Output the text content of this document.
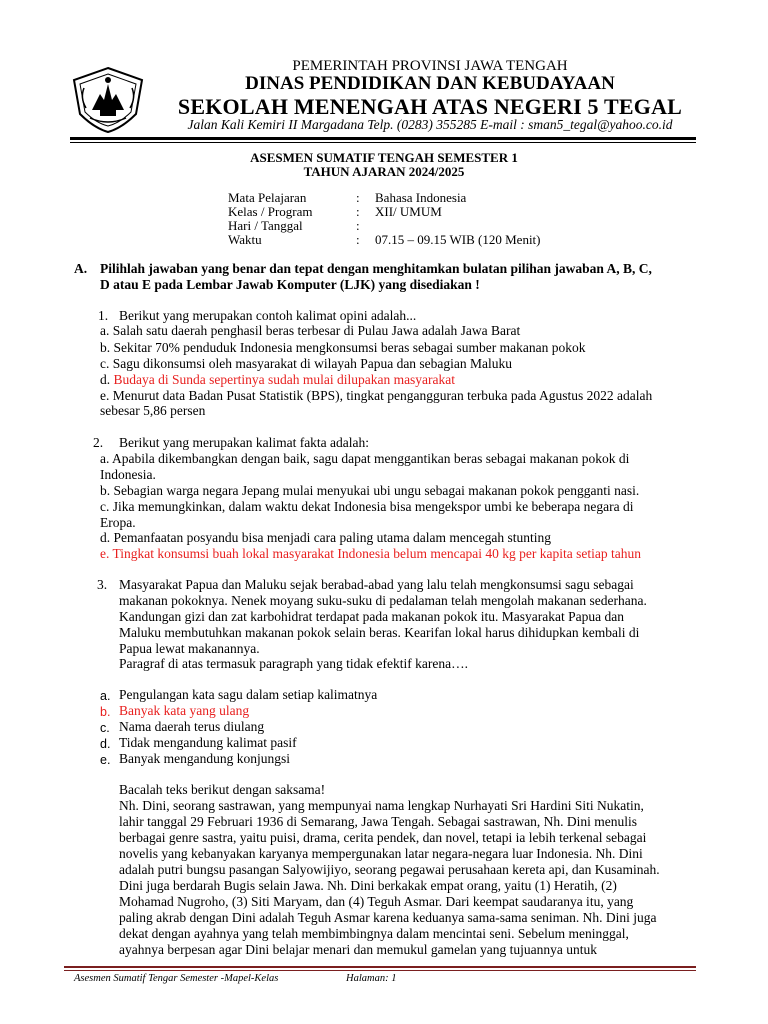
PEMERINTAH PROVINSI JAWA TENGAH
DINAS PENDIDIKAN DAN KEBUDAYAAN
SEKOLAH MENENGAH ATAS NEGERI 5 TEGAL
Jalan Kali Kemiri II Margadana Telp. (0283) 355285 E-mail : sman5_tegal@yahoo.co.id
ASESMEN SUMATIF TENGAH SEMESTER 1
TAHUN AJARAN 2024/2025
Mata Pelajaran	: Bahasa Indonesia
Kelas / Program	: XII/ UMUM
Hari / Tanggal	:
Waktu	: 07.15 – 09.15 WIB (120 Menit)
A. Pilihlah jawaban yang benar dan tepat dengan menghitamkan bulatan pilihan jawaban A, B, C,
D atau E pada Lembar Jawab Komputer (LJK) yang disediakan !
1. Berikut yang merupakan contoh kalimat opini adalah...
a. Salah satu daerah penghasil beras terbesar di Pulau Jawa adalah Jawa Barat
b. Sekitar 70% penduduk Indonesia mengkonsumsi beras sebagai sumber makanan pokok
c. Sagu dikonsumsi oleh masyarakat di wilayah Papua dan sebagian Maluku
d. Budaya di Sunda sepertinya sudah mulai dilupakan masyarakat
e. Menurut data Badan Pusat Statistik (BPS), tingkat pengangguran terbuka pada Agustus 2022 adalah
sebesar 5,86 persen
2. Berikut yang merupakan kalimat fakta adalah:
a. Apabila dikembangkan dengan baik, sagu dapat menggantikan beras sebagai makanan pokok di
Indonesia.
b. Sebagian warga negara Jepang mulai menyukai ubi ungu sebagai makanan pokok pengganti nasi.
c. Jika memungkinkan, dalam waktu dekat Indonesia bisa mengekspor umbi ke beberapa negara di
Eropa.
d. Pemanfaatan posyandu bisa menjadi cara paling utama dalam mencegah stunting
e. Tingkat konsumsi buah lokal masyarakat Indonesia belum mencapai 40 kg per kapita setiap tahun
3. Masyarakat Papua dan Maluku sejak berabad-abad yang lalu telah mengkonsumsi sagu sebagai
makanan pokoknya. Nenek moyang suku-suku di pedalaman telah mengolah makanan sederhana.
Kandungan gizi dan zat karbohidrat terdapat pada makanan pokok itu. Masyarakat Papua dan
Maluku membutuhkan makanan pokok selain beras. Kearifan lokal harus dihidupkan kembali di
Papua lewat makanannya.
Paragraf di atas termasuk paragraph yang tidak efektif karena….
a. Pengulangan kata sagu dalam setiap kalimatnya
b. Banyak kata yang ulang
c. Nama daerah terus diulang
d. Tidak mengandung kalimat pasif
e. Banyak mengandung konjungsi
Bacalah teks berikut dengan saksama!
Nh. Dini, seorang sastrawan, yang mempunyai nama lengkap Nurhayati Sri Hardini Siti Nukatin,
lahir tanggal 29 Februari 1936 di Semarang, Jawa Tengah. Sebagai sastrawan, Nh. Dini menulis
berbagai genre sastra, yaitu puisi, drama, cerita pendek, dan novel, tetapi ia lebih terkenal sebagai
novelis yang kebanyakan karyanya mempergunakan latar negara-negara luar Indonesia. Nh. Dini
adalah putri bungsu pasangan Salyowijiyo, seorang pegawai perusahaan kereta api, dan Kusaminah.
Dini juga berdarah Bugis selain Jawa. Nh. Dini berkakak empat orang, yaitu (1) Heratih, (2)
Mohamad Nugroho, (3) Siti Maryam, dan (4) Teguh Asmar. Dari keempat saudaranya itu, yang
paling akrab dengan Dini adalah Teguh Asmar karena keduanya sama-sama seniman. Nh. Dini juga
dekat dengan ayahnya yang telah membimbingnya dalam mencintai seni. Sebelum meninggal,
ayahnya berpesan agar Dini belajar menari dan memukul gamelan yang tujuannya untuk
Asesmen Sumatif Tengar Semester -Mapel-Kelas	Halaman: 1
